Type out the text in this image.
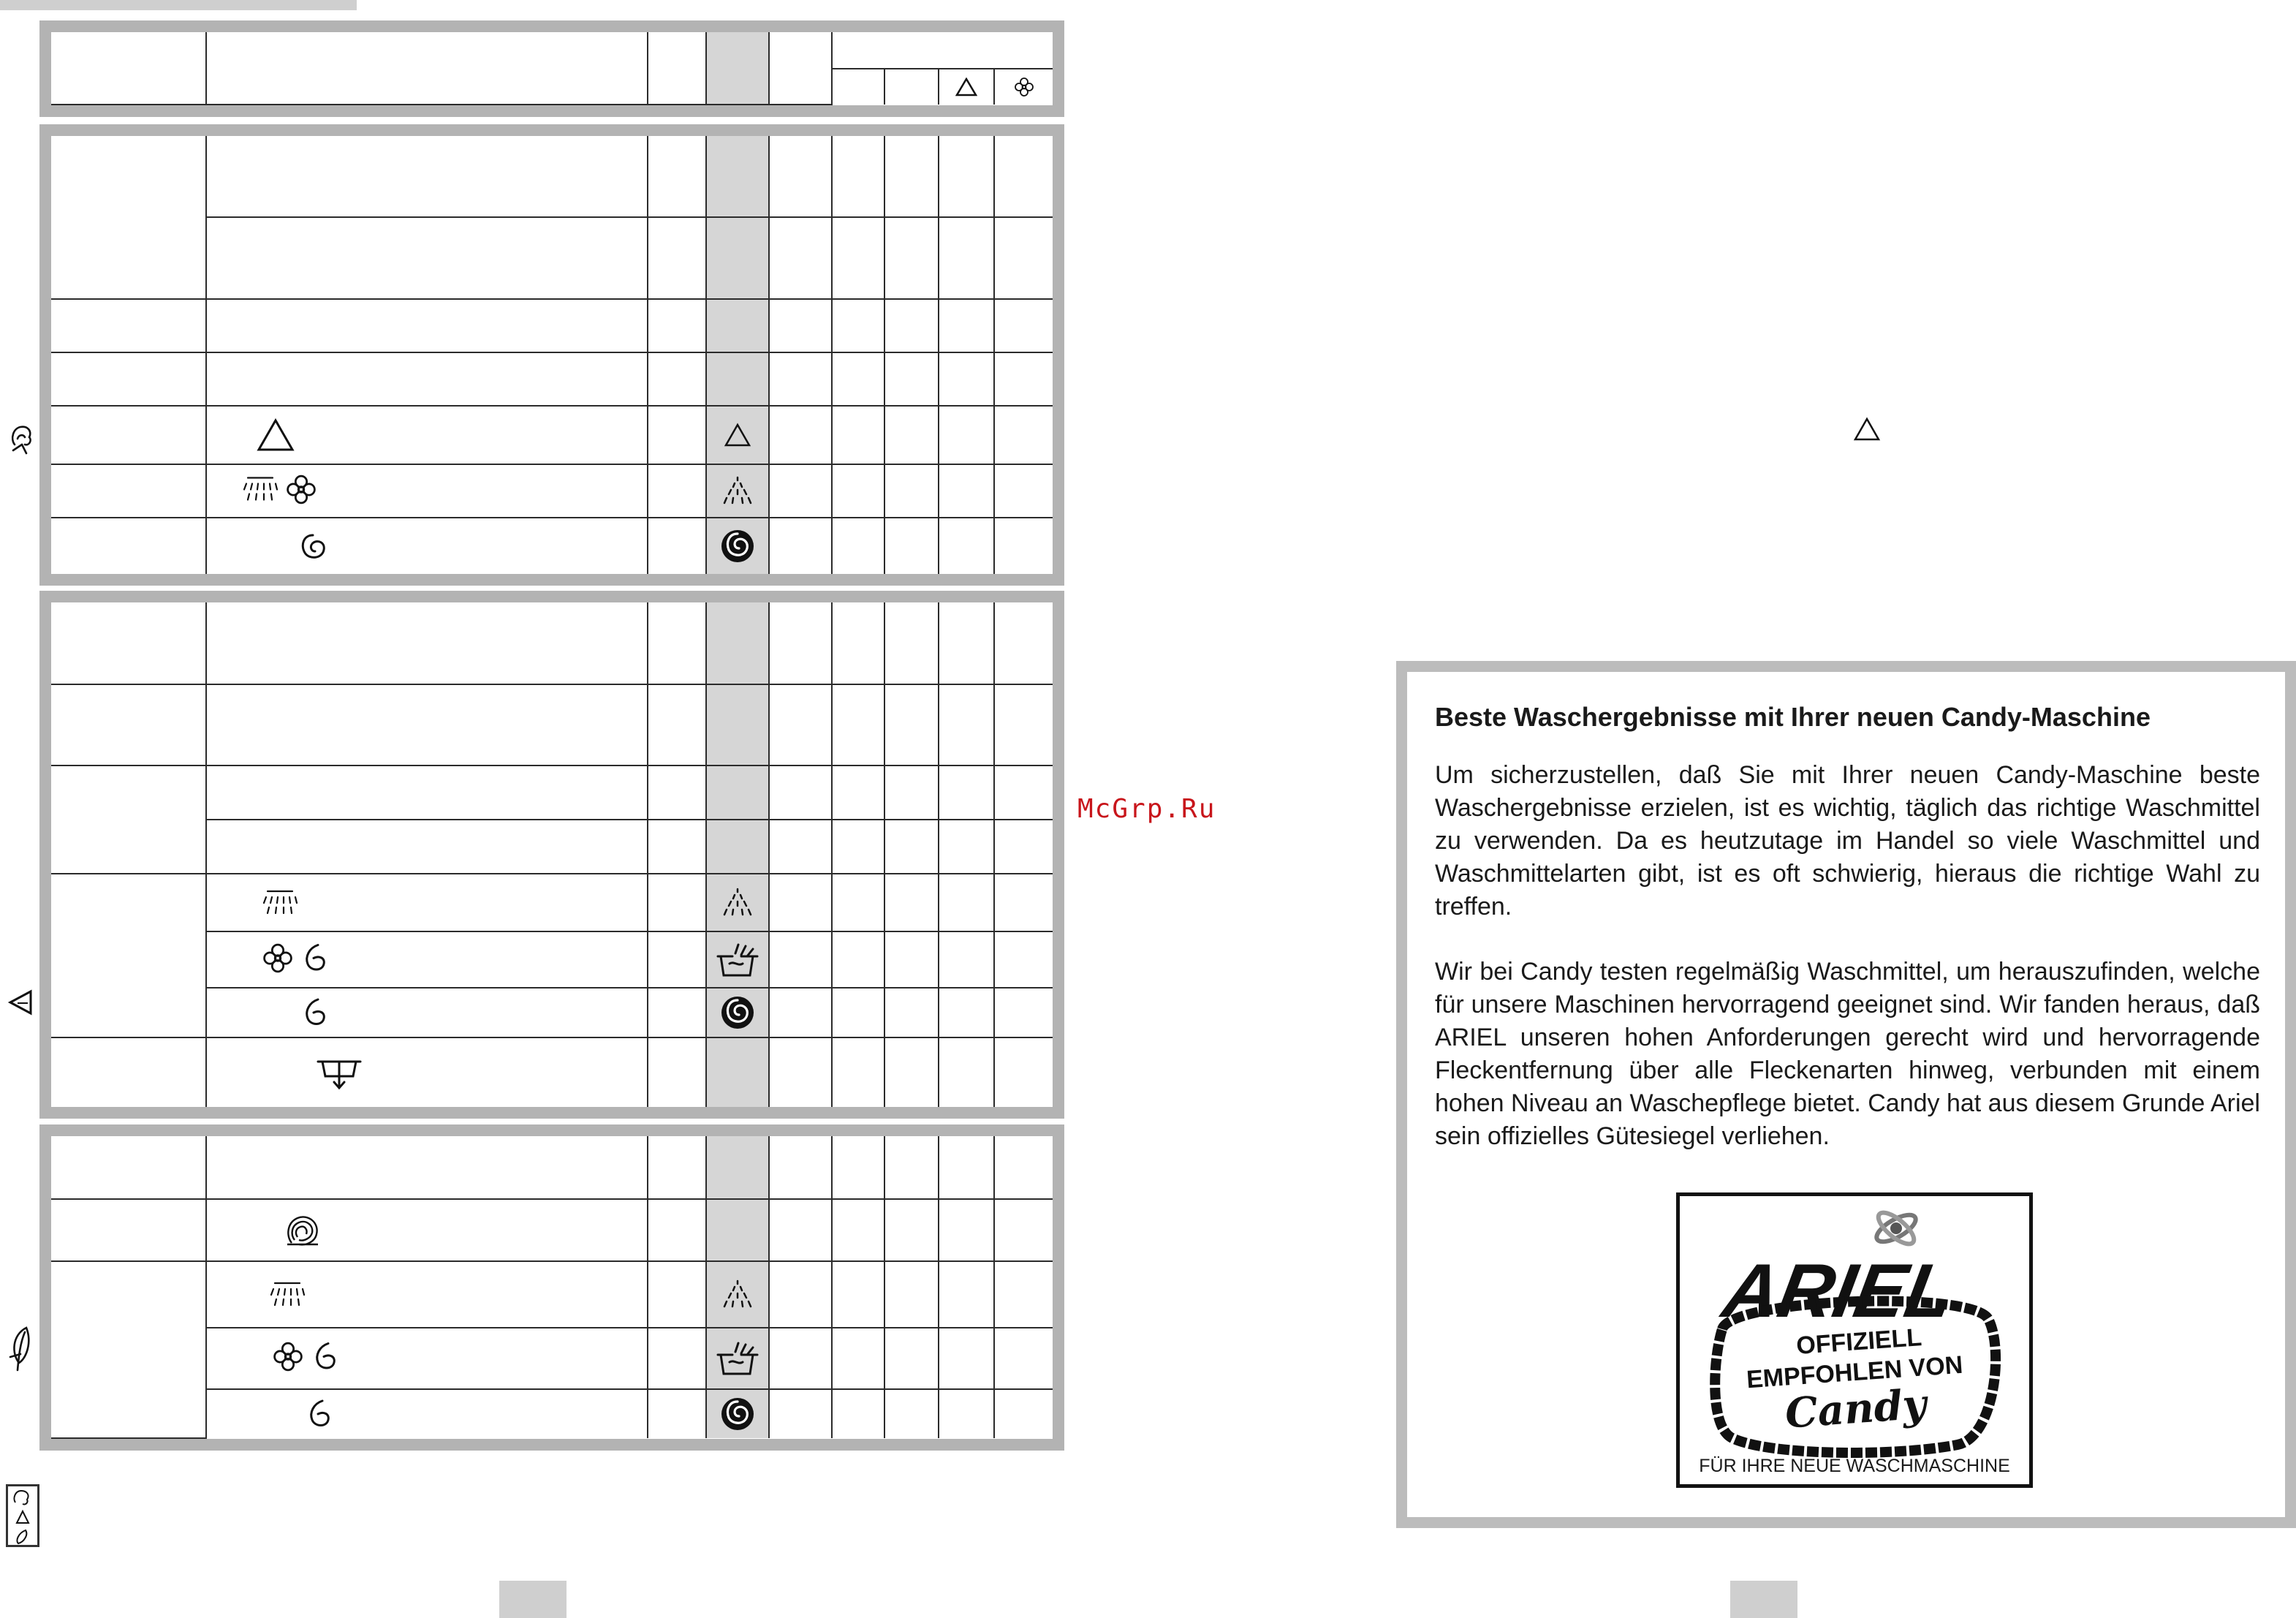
McGrp.Ru
Beste Waschergebnisse mit Ihrer neuen Candy-Maschine

Um sicherzustellen, daß Sie mit Ihrer neuen Candy-Maschine beste Waschergebnisse erzielen, ist es wichtig, täglich das richtige Waschmittel zu verwenden. Da es heutzutage im Handel so viele Waschmittel und Waschmittelarten gibt, ist es oft schwierig, hieraus die richtige Wahl zu treffen.

Wir bei Candy testen regelmäßig Waschmittel, um herauszufinden, welche für unsere Maschinen hervorragend geeignet sind. Wir fanden heraus, daß ARIEL unseren hohen Anforderungen gerecht wird und hervorragende Fleckentfernung über alle Fleckenarten hinweg, verbunden mit einem hohen Niveau an Waschepflege bietet. Candy hat aus diesem Grunde Ariel sein offizielles Gütesiegel verliehen.

ARIEL
OFFIZIELL
EMPFOHLEN VON
Candy
FÜR IHRE NEUE WASCHMASCHINE
